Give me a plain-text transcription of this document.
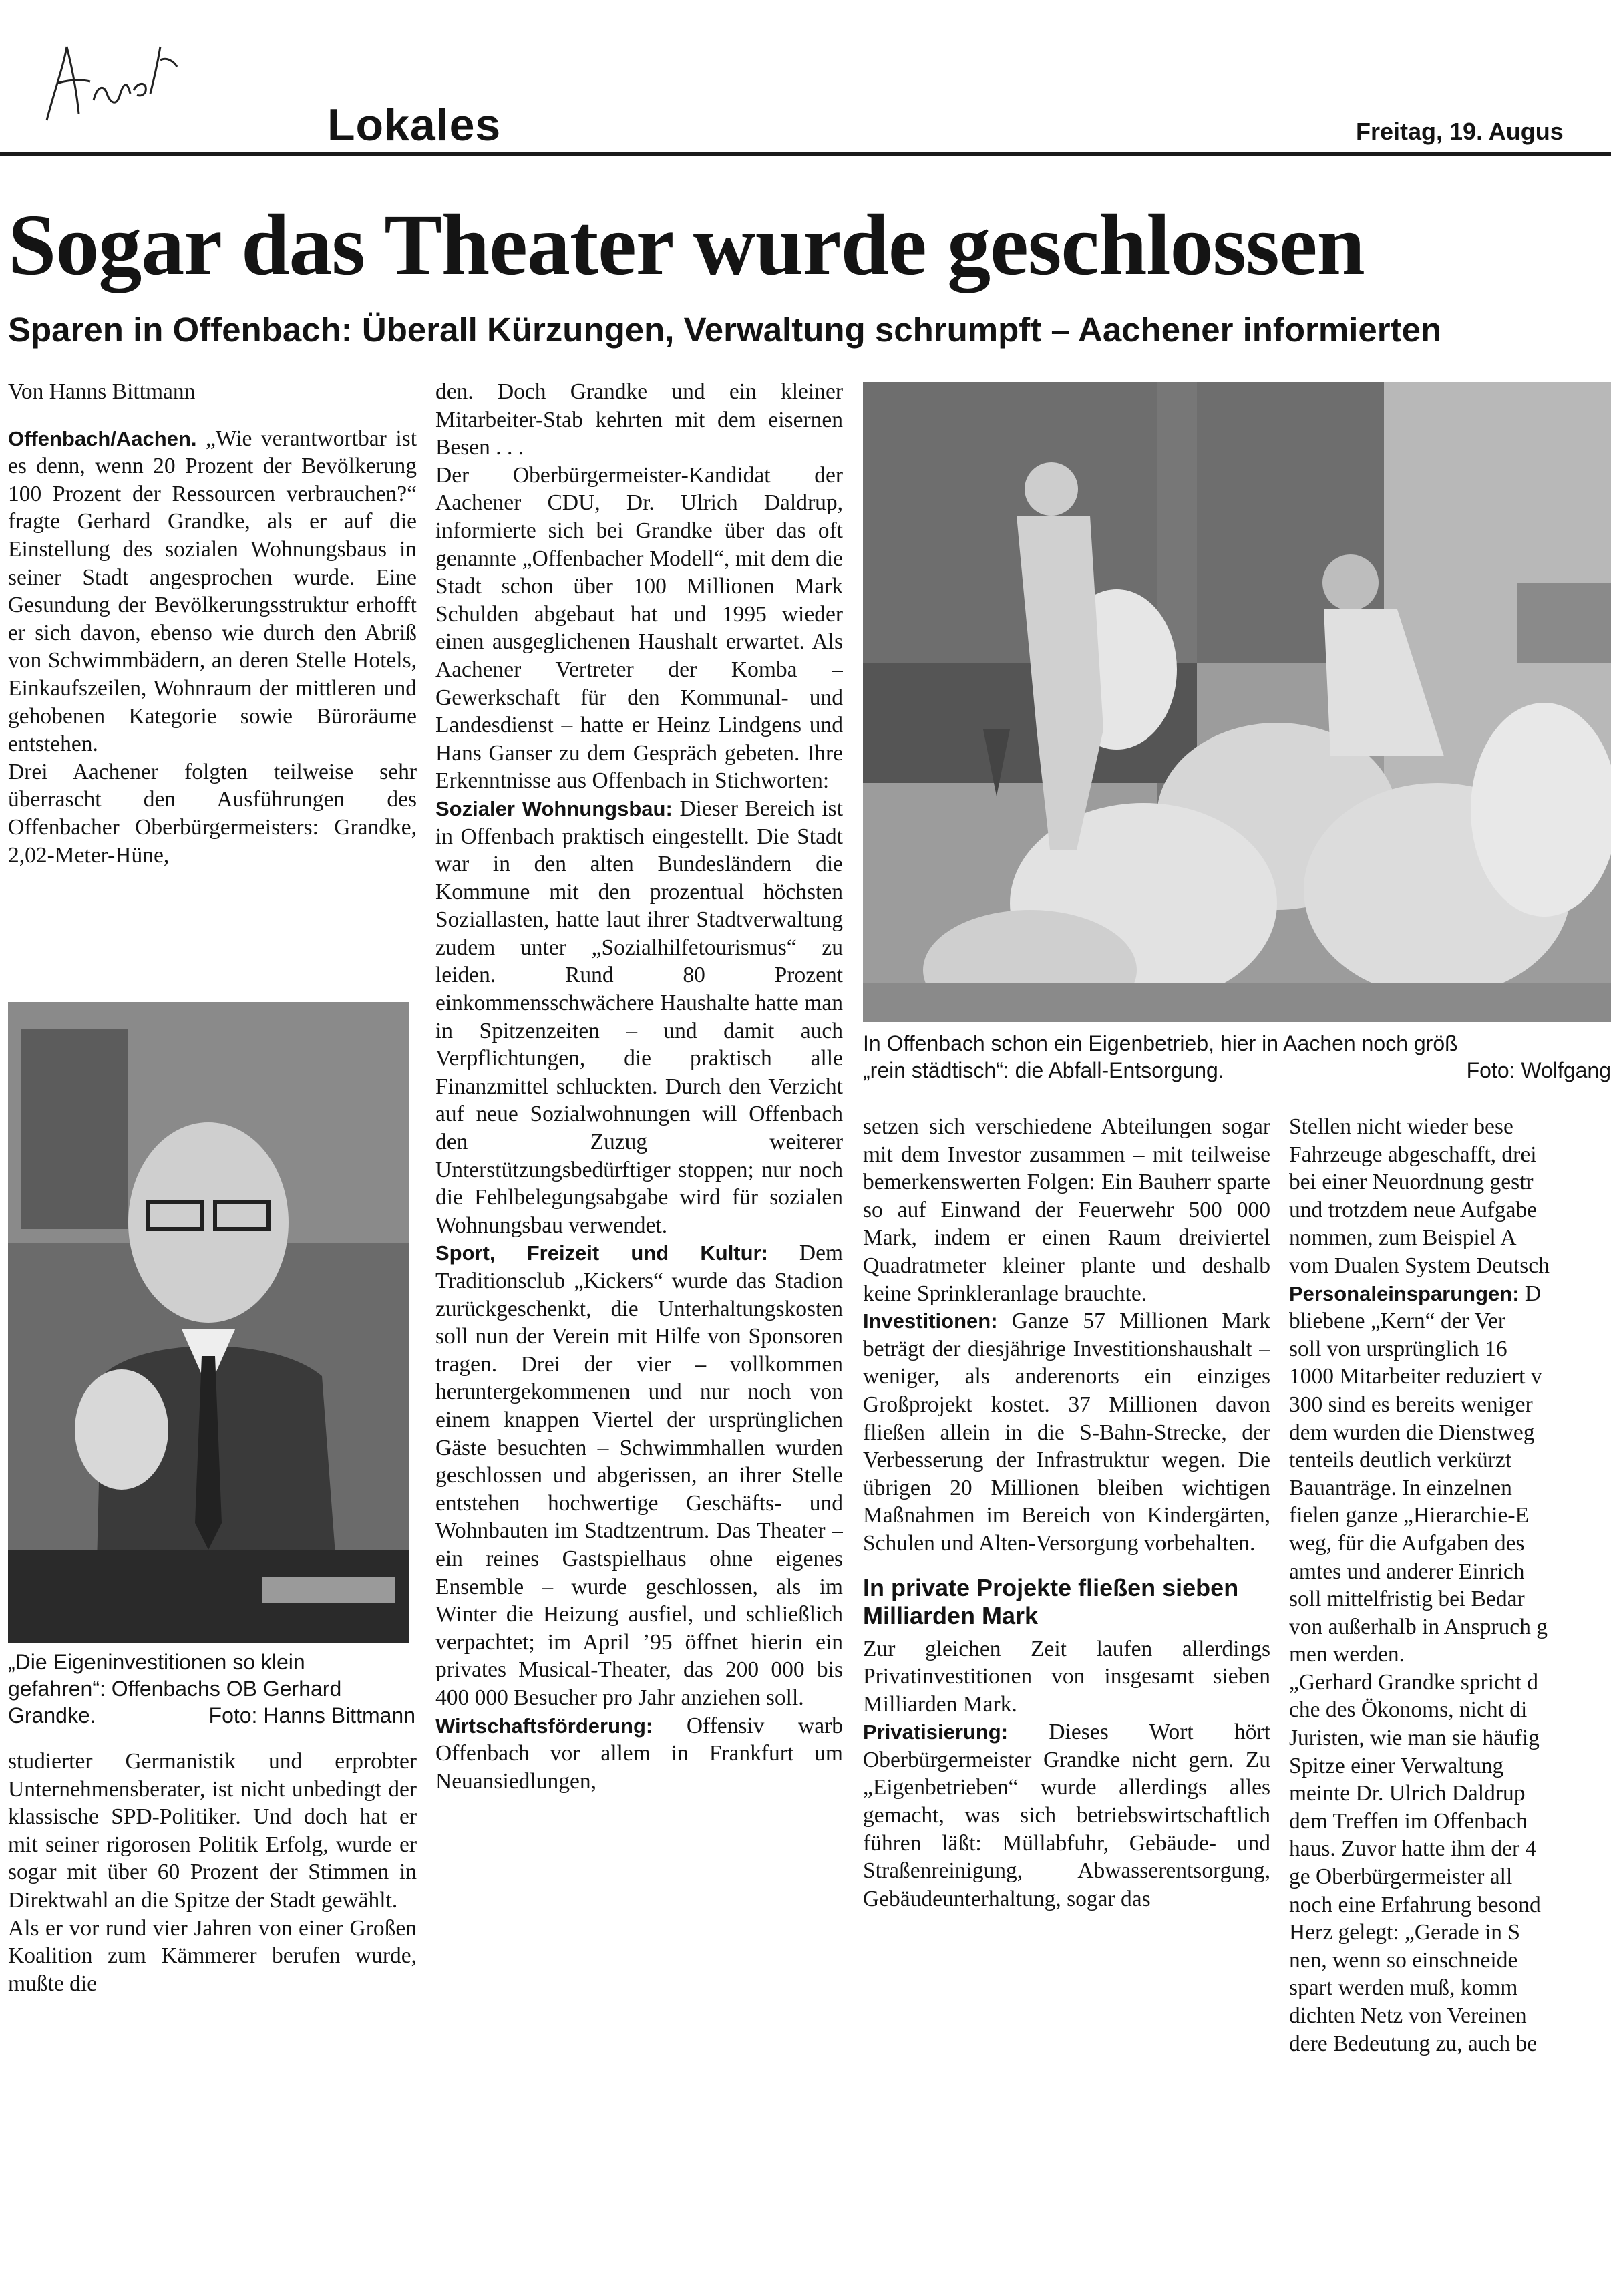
Lokales	Freitag, 19. Augus
Sogar das Theater wurde geschlossen
Sparen in Offenbach: Überall Kürzungen, Verwaltung schrumpft – Aachener informierten
Von Hanns Bittmann

Offenbach/Aachen. „Wie verantwortbar ist es denn, wenn 20 Prozent der Bevölkerung 100 Prozent der Ressourcen verbrauchen?“ fragte Gerhard Grandke, als er auf die Einstellung des sozialen Wohnungsbaus in seiner Stadt angesprochen wurde. Eine Gesundung der Bevölkerungsstruktur erhofft er sich davon, ebenso wie durch den Abriß von Schwimmbädern, an deren Stelle Hotels, Einkaufszeilen, Wohnraum der mittleren und gehobenen Kategorie sowie Büroräume entstehen.

Drei Aachener folgten teilweise sehr überrascht den Ausführungen des Offenbacher Oberbürgermeisters: Grandke, 2,02-Meter-Hüne,

„Die Eigeninvestitionen so klein
gefahren“: Offenbachs OB Gerhard
Grandke.	Foto: Hanns Bittmann

studierter Germanistik und erprobter Unternehmensberater, ist nicht unbedingt der klassische SPD-Politiker. Und doch hat er mit seiner rigorosen Politik Erfolg, wurde er sogar mit über 60 Prozent der Stimmen in Direktwahl an die Spitze der Stadt gewählt.

Als er vor rund vier Jahren von einer Großen Koalition zum Kämmerer berufen wurde, mußte die

den. Doch Grandke und ein kleiner Mitarbeiter-Stab kehrten mit dem eisernen Besen . . .

Der Oberbürgermeister-Kandidat der Aachener CDU, Dr. Ulrich Daldrup, informierte sich bei Grandke über das oft genannte „Offenbacher Modell“, mit dem die Stadt schon über 100 Millionen Mark Schulden abgebaut hat und 1995 wieder einen ausgeglichenen Haushalt erwartet. Als Aachener Vertreter der Komba – Gewerkschaft für den Kommunal- und Landesdienst – hatte er Heinz Lindgens und Hans Ganser zu dem Gespräch gebeten. Ihre Erkenntnisse aus Offenbach in Stichworten:

Sozialer Wohnungsbau: Dieser Bereich ist in Offenbach praktisch eingestellt. Die Stadt war in den alten Bundesländern die Kommune mit den prozentual höchsten Soziallasten, hatte laut ihrer Stadtverwaltung zudem unter „Sozialhilfetourismus“ zu leiden. Rund 80 Prozent einkommensschwächere Haushalte hatte man in Spitzenzeiten – und damit auch Verpflichtungen, die praktisch alle Finanzmittel schluckten. Durch den Verzicht auf neue Sozialwohnungen will Offenbach den Zuzug weiterer Unterstützungsbedürftiger stoppen; nur noch die Fehlbelegungsabgabe wird für sozialen Wohnungsbau verwendet.

Sport, Freizeit und Kultur: Dem Traditionsclub „Kickers“ wurde das Stadion zurückgeschenkt, die Unterhaltungskosten soll nun der Verein mit Hilfe von Sponsoren tragen. Drei der vier – vollkommen heruntergekommenen und nur noch von einem knappen Viertel der ursprünglichen Gäste besuchten – Schwimmhallen wurden geschlossen und abgerissen, an ihrer Stelle entstehen hochwertige Geschäfts- und Wohnbauten im Stadtzentrum. Das Theater – ein reines Gastspielhaus ohne eigenes Ensemble – wurde geschlossen, als im Winter die Heizung ausfiel, und schließlich verpachtet; im April ’95 öffnet hierin ein privates Musical-Theater, das 200 000 bis 400 000 Besucher pro Jahr anziehen soll.

Wirtschaftsförderung: Offensiv warb Offenbach vor allem in Frankfurt um Neuansiedlungen,

In Offenbach schon ein Eigenbetrieb, hier in Aachen noch größ
„rein städtisch“: die Abfall-Entsorgung.	Foto: Wolfgang

setzen sich verschiedene Abteilungen sogar mit dem Investor zusammen – mit teilweise bemerkenswerten Folgen: Ein Bauherr sparte so auf Einwand der Feuerwehr 500 000 Mark, indem er einen Raum dreiviertel Quadratmeter kleiner plante und deshalb keine Sprinkleranlage brauchte.

Investitionen: Ganze 57 Millionen Mark beträgt der diesjährige Investitionshaushalt – weniger, als anderenorts ein einziges Großprojekt kostet. 37 Millionen davon fließen allein in die S-Bahn-Strecke, der Verbesserung der Infrastruktur wegen. Die übrigen 20 Millionen bleiben wichtigen Maßnahmen im Bereich von Kindergärten, Schulen und Alten-Versorgung vorbehalten.

In private Projekte fließen sieben Milliarden Mark

Zur gleichen Zeit laufen allerdings Privatinvestitionen von insgesamt sieben Milliarden Mark.

Privatisierung: Dieses Wort hört Oberbürgermeister Grandke nicht gern. Zu „Eigenbetrieben“ wurde allerdings alles gemacht, was sich betriebswirtschaftlich führen läßt: Müllabfuhr, Gebäude- und Straßenreinigung, Abwasserentsorgung, Gebäudeunterhaltung, sogar das

Stellen nicht wieder bese
Fahrzeuge abgeschafft, drei
bei einer Neuordnung gestr
und trotzdem neue Aufgabe
nommen, zum Beispiel A
vom Dualen System Deutsch
Personaleinsparungen: D
bliebene „Kern“ der Ver
soll von ursprünglich 16
1000 Mitarbeiter reduziert v
300 sind es bereits weniger
dem wurden die Dienstweg
tenteils deutlich verkürzt
Bauanträge. In einzelnen
fielen ganze „Hierarchie-E
weg, für die Aufgaben des
amtes und anderer Einrich
soll mittelfristig bei Bedar
von außerhalb in Anspruch g
men werden.
„Gerhard Grandke spricht d
che des Ökonoms, nicht di
Juristen, wie man sie häufig
Spitze einer Verwaltung
meinte Dr. Ulrich Daldrup
dem Treffen im Offenbach
haus. Zuvor hatte ihm der 4
ge Oberbürgermeister all
noch eine Erfahrung besond
Herz gelegt: „Gerade in S
nen, wenn so einschneide
spart werden muß, komm
dichten Netz von Vereinen
dere Bedeutung zu, auch be
